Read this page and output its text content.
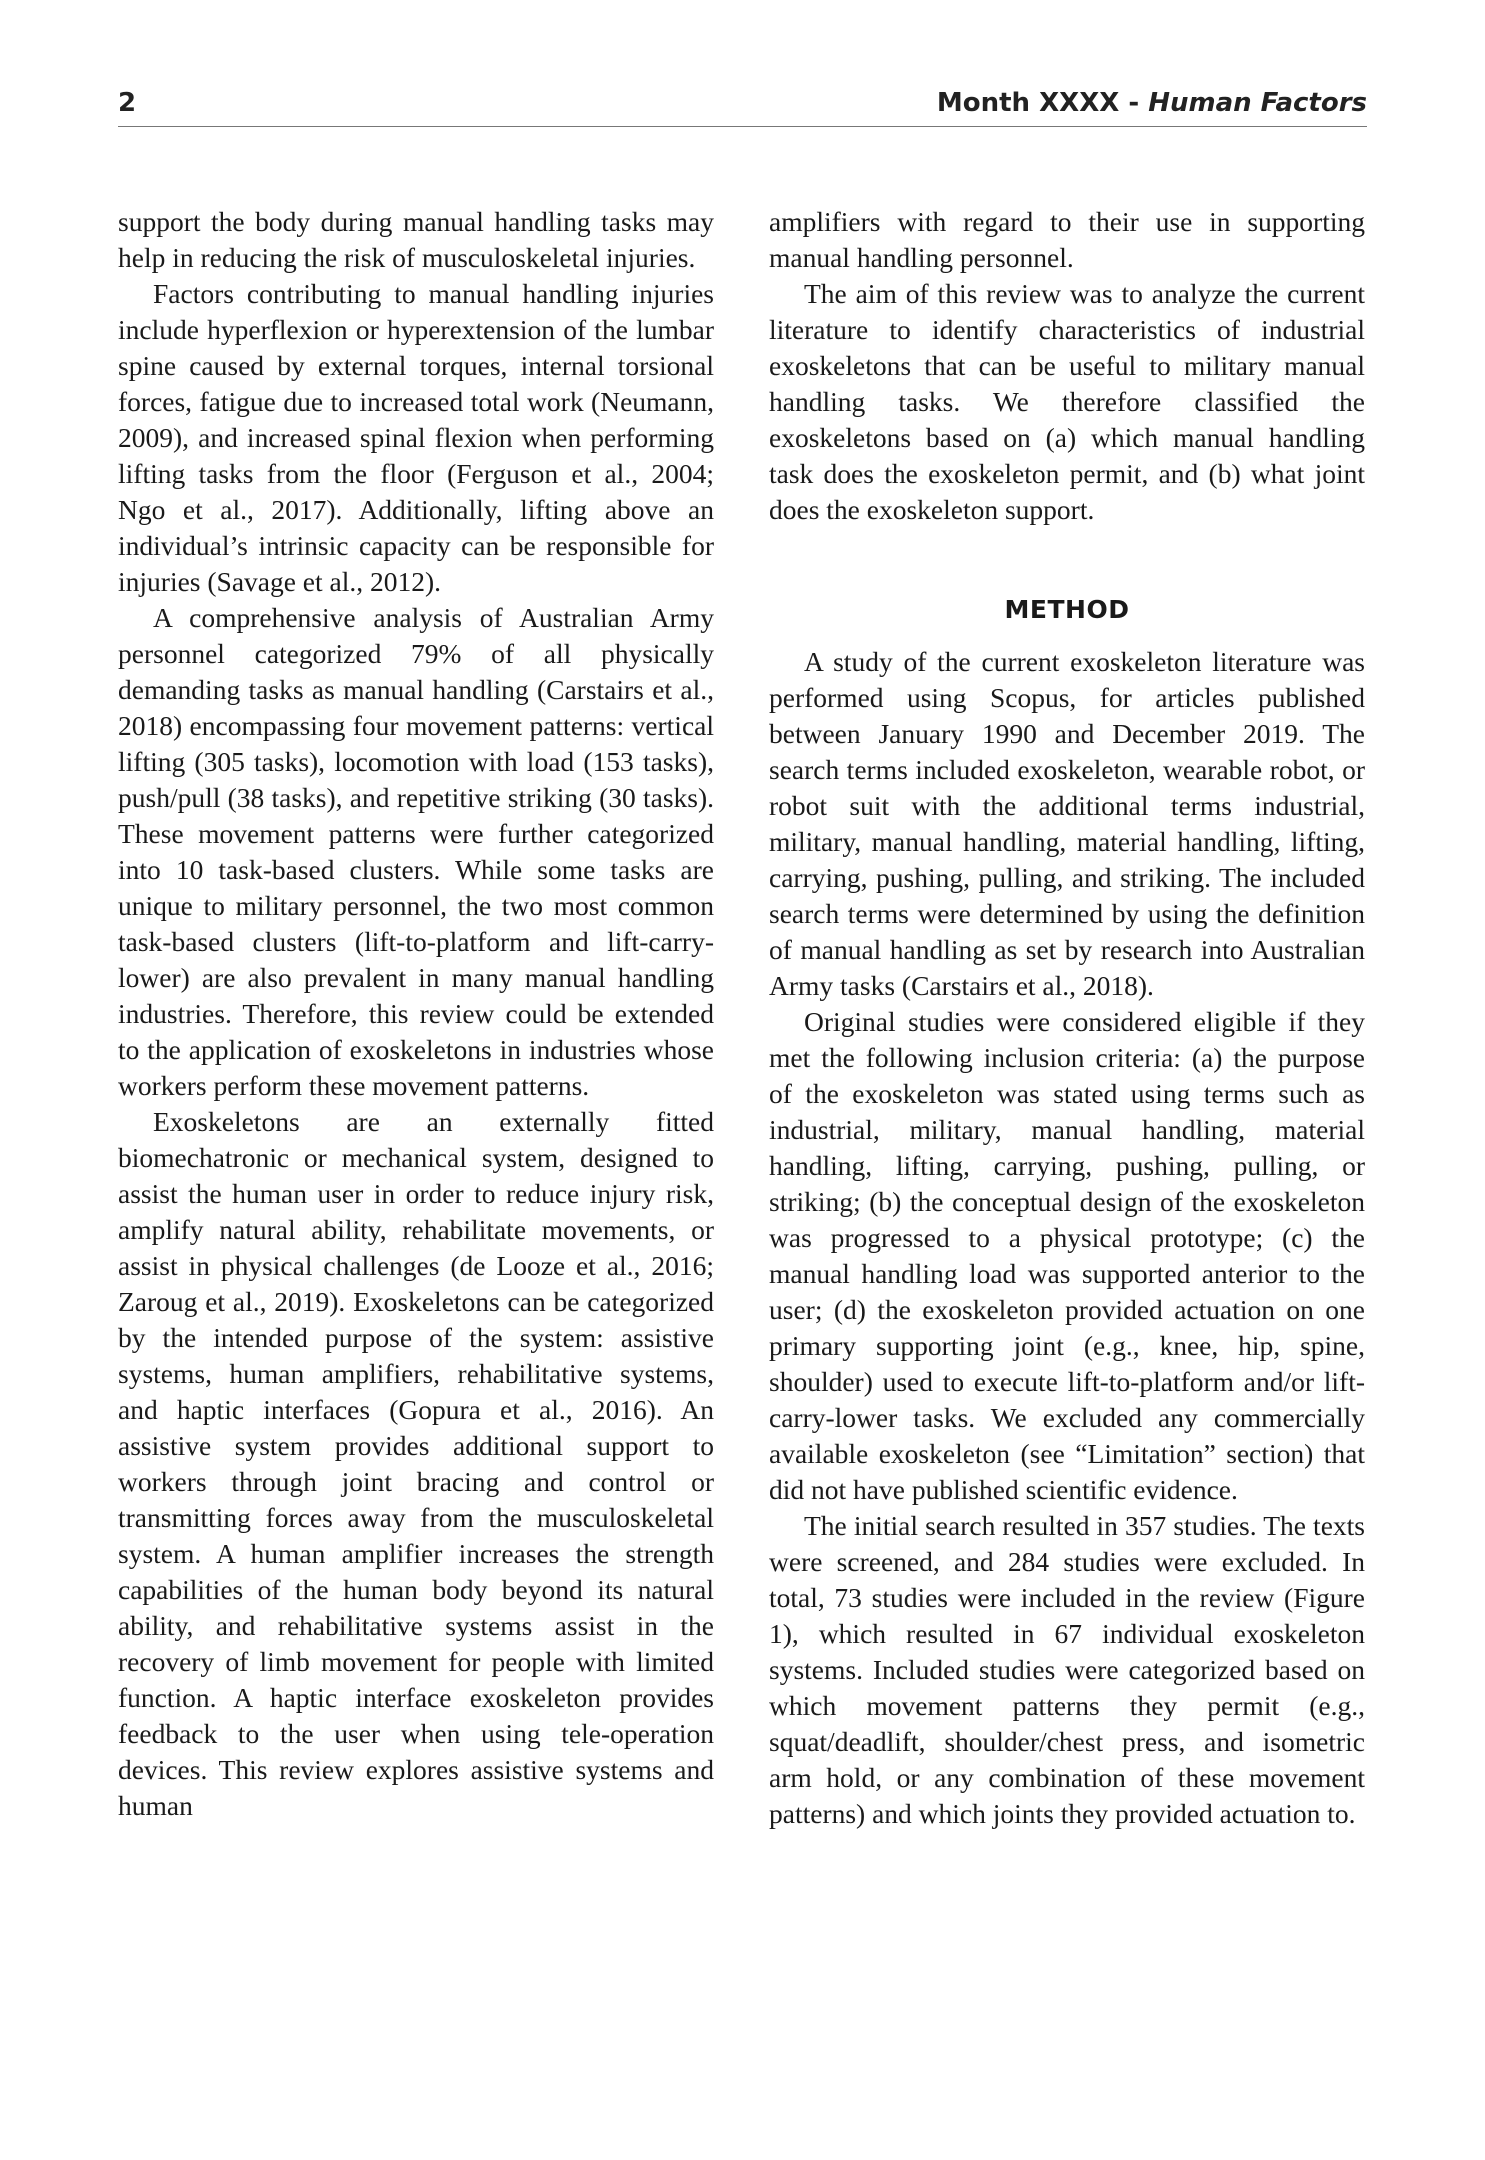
2	Month XXXX - Human Factors

support the body during manual handling tasks may help in reducing the risk of musculoskeletal injuries.

Factors contributing to manual handling injuries include hyperflexion or hyperextension of the lumbar spine caused by external torques, internal torsional forces, fatigue due to increased total work (Neumann, 2009), and increased spinal flexion when performing lifting tasks from the floor (Ferguson et al., 2004; Ngo et al., 2017). Additionally, lifting above an individual’s intrinsic capacity can be responsible for injuries (Savage et al., 2012).

A comprehensive analysis of Australian Army personnel categorized 79% of all physically demanding tasks as manual handling (Carstairs et al., 2018) encompassing four movement patterns: vertical lifting (305 tasks), locomotion with load (153 tasks), push/pull (38 tasks), and repetitive striking (30 tasks). These movement patterns were further categorized into 10 task-based clusters. While some tasks are unique to military personnel, the two most common task-based clusters (lift-to-platform and lift-carry-lower) are also prevalent in many manual handling industries. Therefore, this review could be extended to the application of exoskeletons in industries whose workers perform these movement patterns.

Exoskeletons are an externally fitted biomechatronic or mechanical system, designed to assist the human user in order to reduce injury risk, amplify natural ability, rehabilitate movements, or assist in physical challenges (de Looze et al., 2016; Zaroug et al., 2019). Exoskeletons can be categorized by the intended purpose of the system: assistive systems, human amplifiers, rehabilitative systems, and haptic interfaces (Gopura et al., 2016). An assistive system provides additional support to workers through joint bracing and control or transmitting forces away from the musculoskeletal system. A human amplifier increases the strength capabilities of the human body beyond its natural ability, and rehabilitative systems assist in the recovery of limb movement for people with limited function. A haptic interface exoskeleton provides feedback to the user when using tele-operation devices. This review explores assistive systems and human

amplifiers with regard to their use in supporting manual handling personnel.

The aim of this review was to analyze the current literature to identify characteristics of industrial exoskeletons that can be useful to military manual handling tasks. We therefore classified the exoskeletons based on (a) which manual handling task does the exoskeleton permit, and (b) what joint does the exoskeleton support.

METHOD

A study of the current exoskeleton literature was performed using Scopus, for articles published between January 1990 and December 2019. The search terms included exoskeleton, wearable robot, or robot suit with the additional terms industrial, military, manual handling, material handling, lifting, carrying, pushing, pulling, and striking. The included search terms were determined by using the definition of manual handling as set by research into Australian Army tasks (Carstairs et al., 2018).

Original studies were considered eligible if they met the following inclusion criteria: (a) the purpose of the exoskeleton was stated using terms such as industrial, military, manual handling, material handling, lifting, carrying, pushing, pulling, or striking; (b) the conceptual design of the exoskeleton was progressed to a physical prototype; (c) the manual handling load was supported anterior to the user; (d) the exoskeleton provided actuation on one primary supporting joint (e.g., knee, hip, spine, shoulder) used to execute lift-to-platform and/or lift-carry-lower tasks. We excluded any commercially available exoskeleton (see “Limitation” section) that did not have published scientific evidence.

The initial search resulted in 357 studies. The texts were screened, and 284 studies were excluded. In total, 73 studies were included in the review (Figure 1), which resulted in 67 individual exoskeleton systems. Included studies were categorized based on which movement patterns they permit (e.g., squat/deadlift, shoulder/chest press, and isometric arm hold, or any combination of these movement patterns) and which joints they provided actuation to.
